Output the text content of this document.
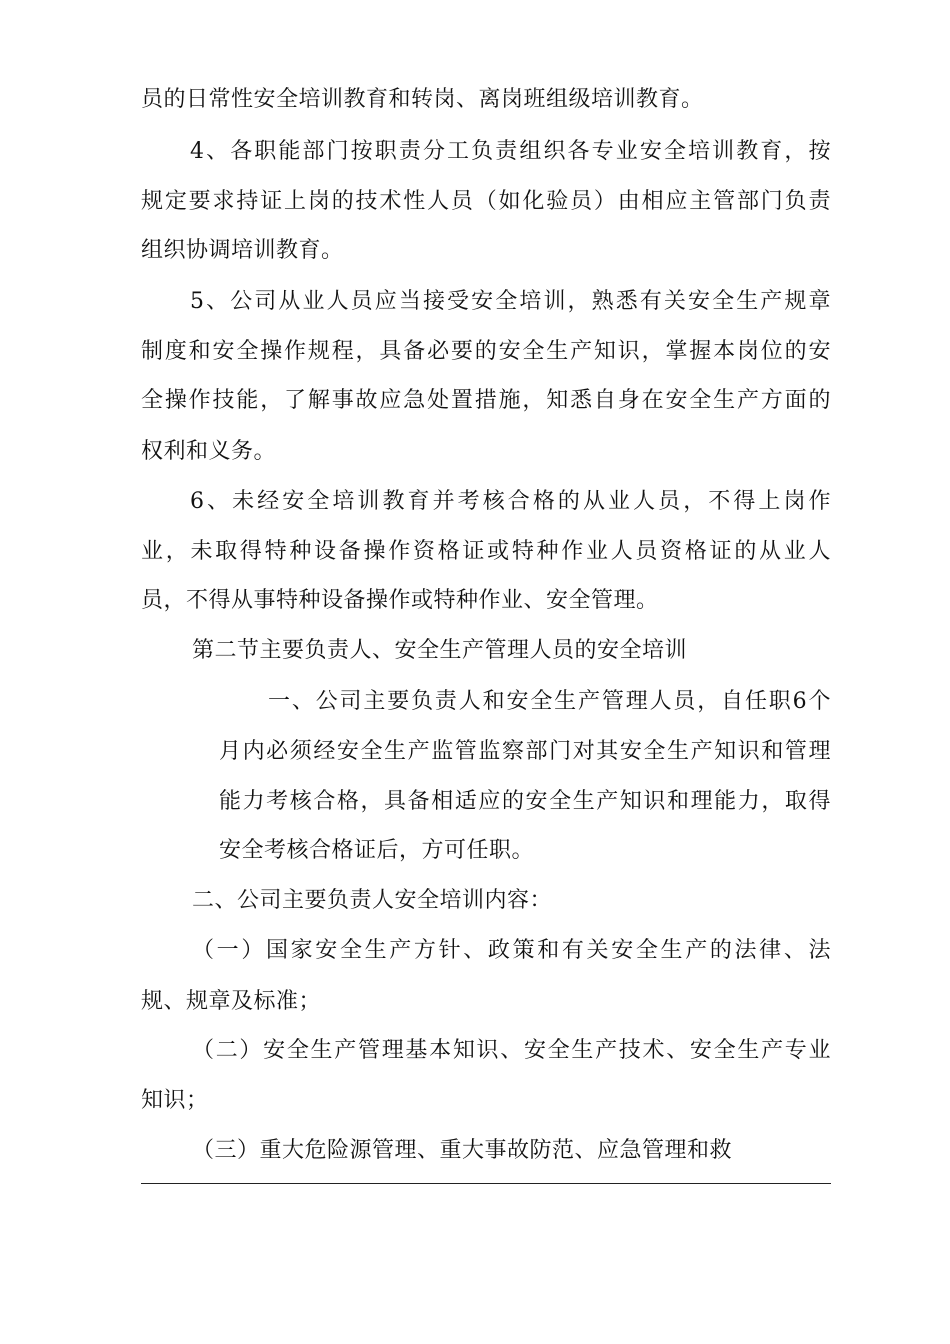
员的日常性安全培训教育和转岗、离岗班组级培训教育。

4、各职能部门按职责分工负责组织各专业安全培训教育，按

规定要求持证上岗的技术性人员（如化验员）由相应主管部门负责

组织协调培训教育。

5、公司从业人员应当接受安全培训，熟悉有关安全生产规章

制度和安全操作规程，具备必要的安全生产知识，掌握本岗位的安

全操作技能，了解事故应急处置措施，知悉自身在安全生产方面的

权利和义务。

6、未经安全培训教育并考核合格的从业人员，不得上岗作

业，未取得特种设备操作资格证或特种作业人员资格证的从业人

员，不得从事特种设备操作或特种作业、安全管理。

第二节主要负责人、安全生产管理人员的安全培训

一、公司主要负责人和安全生产管理人员，自任职6个

月内必须经安全生产监管监察部门对其安全生产知识和管理

能力考核合格，具备相适应的安全生产知识和理能力，取得

安全考核合格证后，方可任职。

二、公司主要负责人安全培训内容：

（一）国家安全生产方针、政策和有关安全生产的法律、法

规、规章及标准；

（二）安全生产管理基本知识、安全生产技术、安全生产专业

知识；

（三）重大危险源管理、重大事故防范、应急管理和救
